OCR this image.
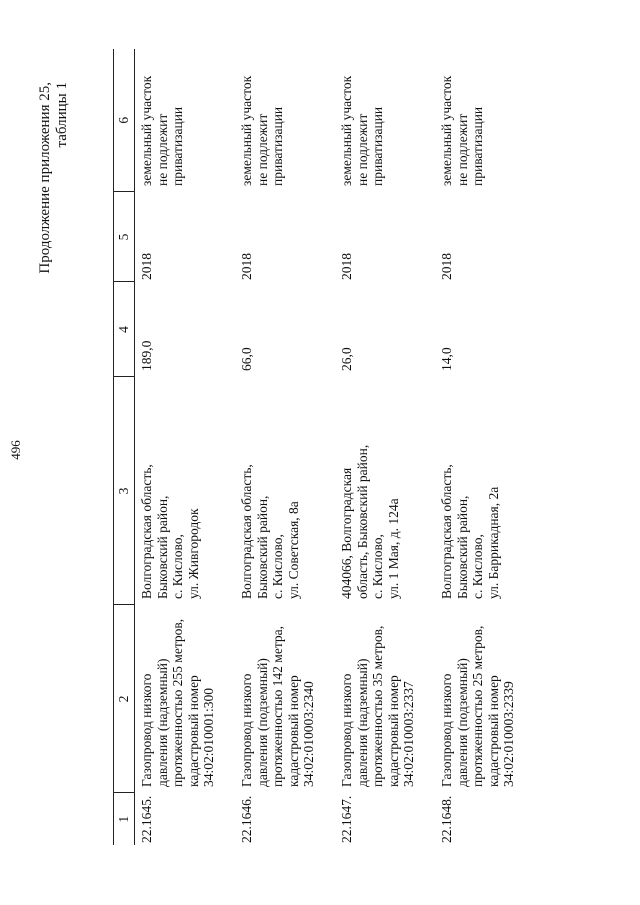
496
Продолжение приложения 25, таблицы 1
1	2	3	4	5	6
22.1645.	Газопровод низкого давления (надземный) протяженностью 255 метров, кадастровый номер 34:02:010001:300	Волгоградская область, Быковский район, с. Кислово, ул. Живгородок	189,0	2018	земельный участок не подлежит приватизации

22.1646.	Газопровод низкого давления (подземный) протяженностью 142 метра, кадастровый номер 34:02:010003:2340	Волгоградская область, Быковский район, с. Кислово, ул. Советская, 8а	66,0	2018	земельный участок не подлежит приватизации

22.1647.	Газопровод низкого давления (надземный) протяженностью 35 метров, кадастровый номер 34:02:010003:2337	404066, Волгоградская область, Быковский район, с. Кислово, ул. 1 Мая, д. 124а	26,0	2018	земельный участок не подлежит приватизации

22.1648.	Газопровод низкого давления (подземный) протяженностью 25 метров, кадастровый номер 34:02:010003:2339	Волгоградская область, Быковский район, с. Кислово, ул. Баррикадная, 2а	14,0	2018	земельный участок не подлежит приватизации
